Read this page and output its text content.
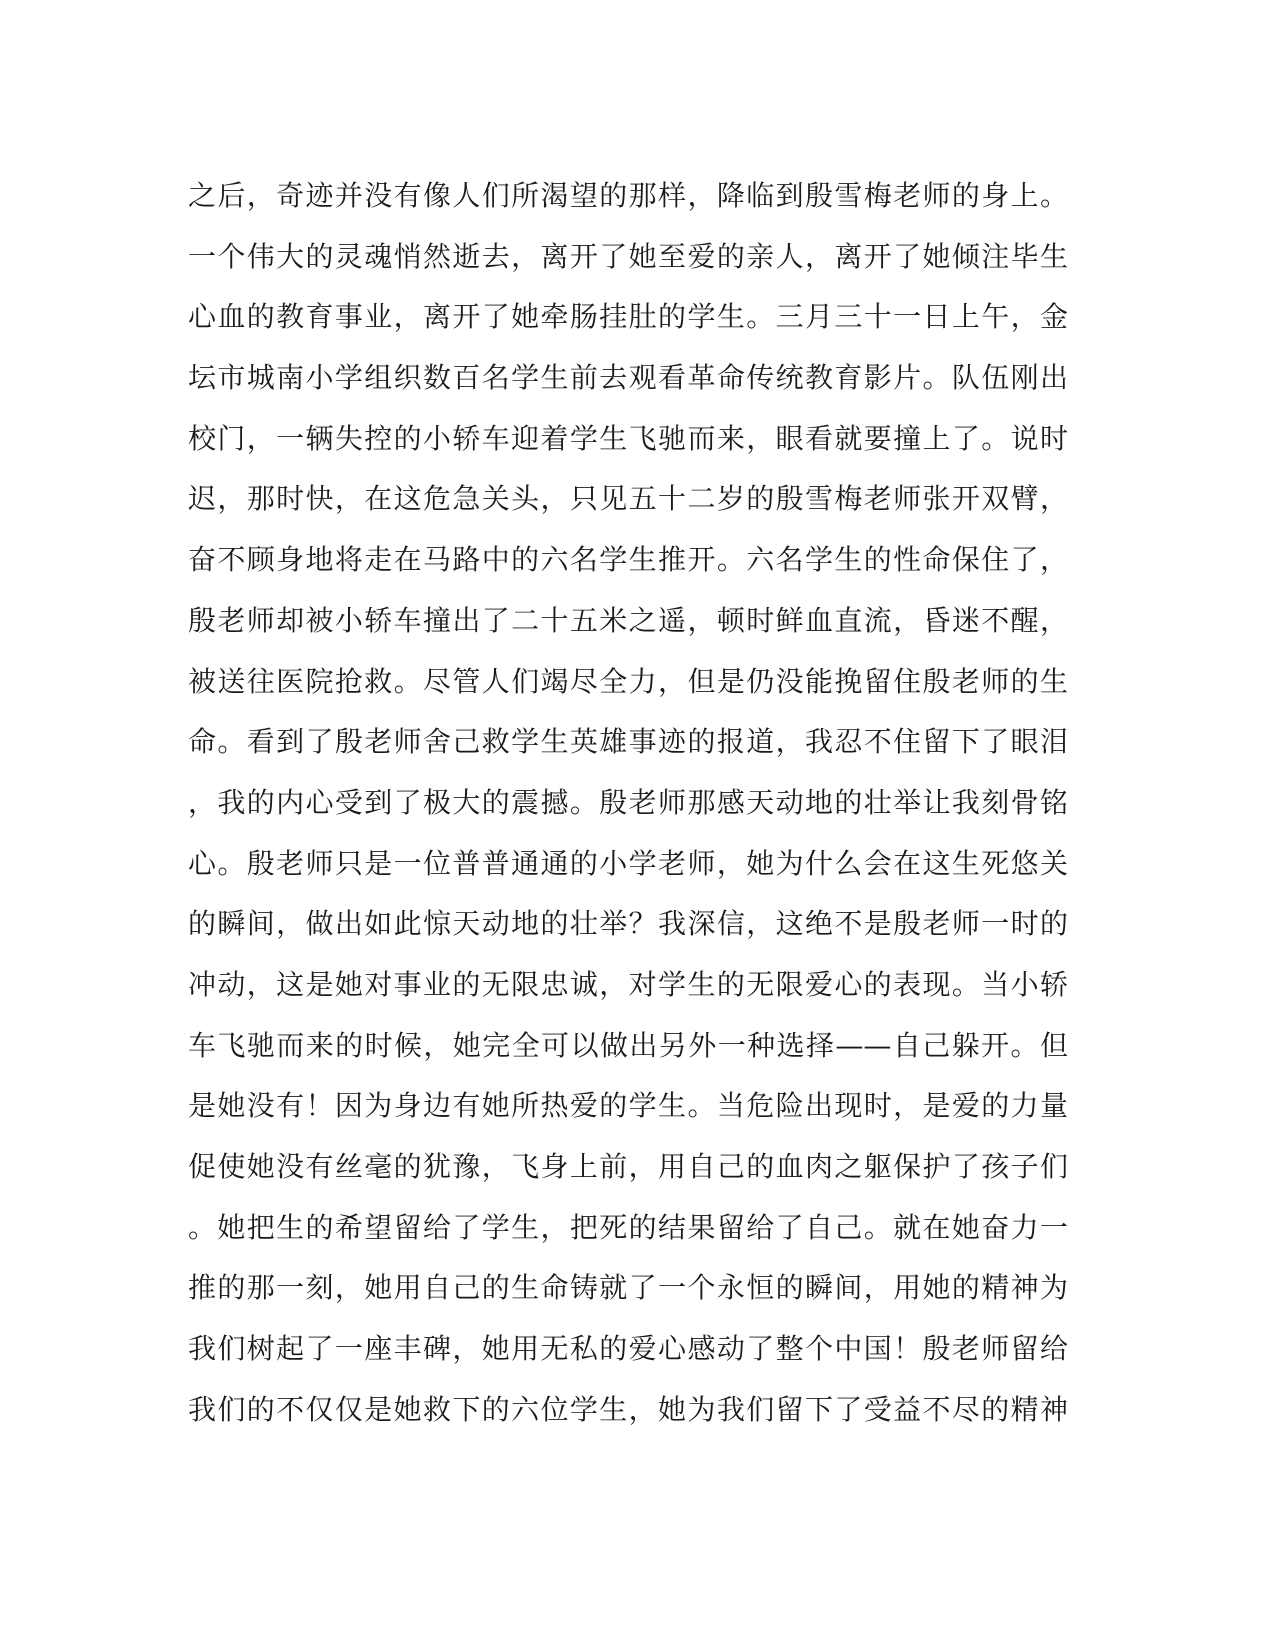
之后，奇迹并没有像人们所渴望的那样，降临到殷雪梅老师的身上。
一个伟大的灵魂悄然逝去，离开了她至爱的亲人，离开了她倾注毕生
心血的教育事业，离开了她牵肠挂肚的学生。三月三十一日上午，金
坛市城南小学组织数百名学生前去观看革命传统教育影片。队伍刚出
校门，一辆失控的小轿车迎着学生飞驰而来，眼看就要撞上了。说时
迟，那时快，在这危急关头，只见五十二岁的殷雪梅老师张开双臂，
奋不顾身地将走在马路中的六名学生推开。六名学生的性命保住了，
殷老师却被小轿车撞出了二十五米之遥，顿时鲜血直流，昏迷不醒，
被送往医院抢救。尽管人们竭尽全力，但是仍没能挽留住殷老师的生
命。看到了殷老师舍己救学生英雄事迹的报道，我忍不住留下了眼泪
，我的内心受到了极大的震撼。殷老师那感天动地的壮举让我刻骨铭
心。殷老师只是一位普普通通的小学老师，她为什么会在这生死悠关
的瞬间，做出如此惊天动地的壮举？我深信，这绝不是殷老师一时的
冲动，这是她对事业的无限忠诚，对学生的无限爱心的表现。当小轿
车飞驰而来的时候，她完全可以做出另外一种选择——自己躲开。但
是她没有！因为身边有她所热爱的学生。当危险出现时，是爱的力量
促使她没有丝毫的犹豫，飞身上前，用自己的血肉之躯保护了孩子们
。她把生的希望留给了学生，把死的结果留给了自己。就在她奋力一
推的那一刻，她用自己的生命铸就了一个永恒的瞬间，用她的精神为
我们树起了一座丰碑，她用无私的爱心感动了整个中国！殷老师留给
我们的不仅仅是她救下的六位学生，她为我们留下了受益不尽的精神
